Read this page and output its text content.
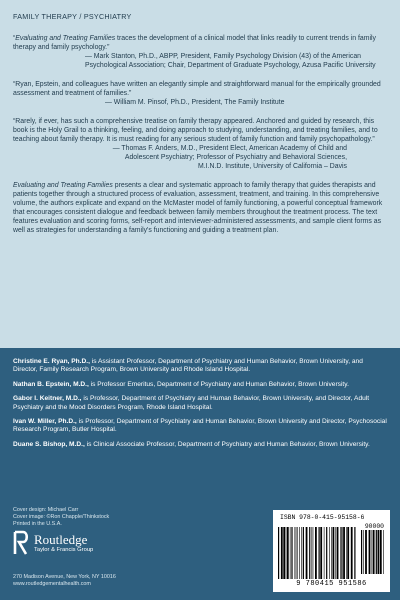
FAMILY THERAPY / PSYCHIATRY
“Evaluating and Treating Families traces the development of a clinical model that links readily to current trends in family therapy and family psychology.”
— Mark Stanton, Ph.D., ABPP, President, Family Psychology Division (43) of the American Psychological Association; Chair, Department of Graduate Psychology, Azusa Pacific University
“Ryan, Epstein, and colleagues have written an elegantly simple and straightforward manual for the empirically grounded assessment and treatment of families.”
— William M. Pinsof, Ph.D., President, The Family Institute
“Rarely, if ever, has such a comprehensive treatise on family therapy appeared. Anchored and guided by research, this book is the Holy Grail to a thinking, feeling, and doing approach to studying, understanding, and treating families, and to teaching about family therapy. It is must reading for any serious student of family function and family psychopathology.”
— Thomas F. Anders, M.D., President Elect, American Academy of Child and Adolescent Psychiatry; Professor of Psychiatry and Behavioral Sciences, M.I.N.D. Institute, University of California – Davis
Evaluating and Treating Families presents a clear and systematic approach to family therapy that guides therapists and patients together through a structured process of evaluation, assessment, treatment, and training. In this comprehensive volume, the authors explicate and expand on the McMaster model of family functioning, a powerful conceptual framework that encourages consistent dialogue and feedback between family members throughout the treatment process. The text features evaluation and scoring forms, self-report and interviewer-administered assessments, and sample client forms as well as strategies for understanding a family's functioning and guiding a treatment plan.
Christine E. Ryan, Ph.D., is Assistant Professor, Department of Psychiatry and Human Behavior, Brown University, and Director, Family Research Program, Brown University and Rhode Island Hospital.
Nathan B. Epstein, M.D., is Professor Emeritus, Department of Psychiatry and Human Behavior, Brown University.
Gabor I. Keitner, M.D., is Professor, Department of Psychiatry and Human Behavior, Brown University, and Director, Adult Psychiatry and the Mood Disorders Program, Rhode Island Hospital.
Ivan W. Miller, Ph.D., is Professor, Department of Psychiatry and Human Behavior, Brown University and Director, Psychosocial Research Program, Butler Hospital.
Duane S. Bishop, M.D., is Clinical Associate Professor, Department of Psychiatry and Human Behavior, Brown University.
Cover design: Michael Carr
Cover image: ©Ron Chapple/Thinkstock
Printed in the U.S.A.
Routledge
Taylor & Francis Group
270 Madison Avenue, New York, NY 10016
www.routledgementalhealth.com
ISBN 978-0-415-95158-6
90000
9 780415 951586
